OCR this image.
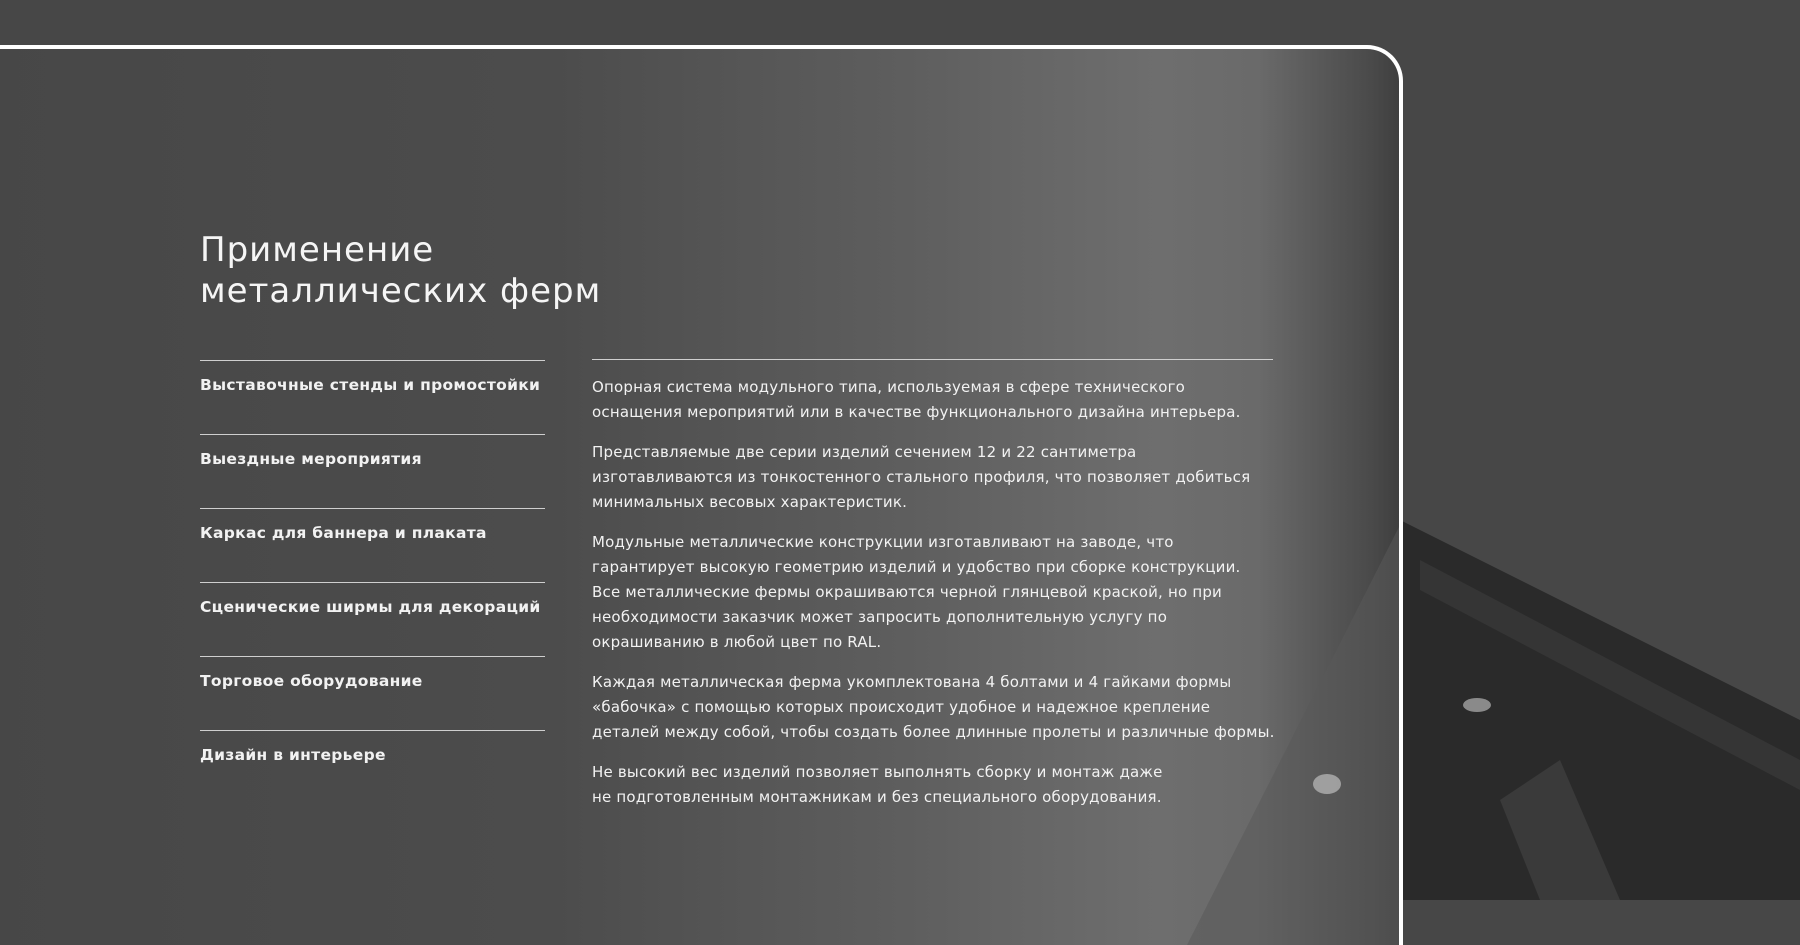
Применение
металлических ферм
Выставочные стенды и промостойки
Выездные мероприятия
Каркас для баннера и плаката
Сценические ширмы для декораций
Торговое оборудование
Дизайн в интерьере

Опорная система модульного типа, используемая в сфере технического
оснащения мероприятий или в качестве функционального дизайна интерьера.

Представляемые две серии изделий сечением 12 и 22 сантиметра
изготавливаются из тонкостенного стального профиля, что позволяет добиться
минимальных весовых характеристик.

Модульные металлические конструкции изготавливают на заводе, что
гарантирует высокую геометрию изделий и удобство при сборке конструкции.
Все металлические фермы окрашиваются черной глянцевой краской, но при
необходимости заказчик может запросить дополнительную услугу по
окрашиванию в любой цвет по RAL.

Каждая металлическая ферма укомплектована 4 болтами и 4 гайками формы
«бабочка» с помощью которых происходит удобное и надежное крепление
деталей между собой, чтобы создать более длинные пролеты и различные формы.

Не высокий вес изделий позволяет выполнять сборку и монтаж даже
не подготовленным монтажникам и без специального оборудования.
